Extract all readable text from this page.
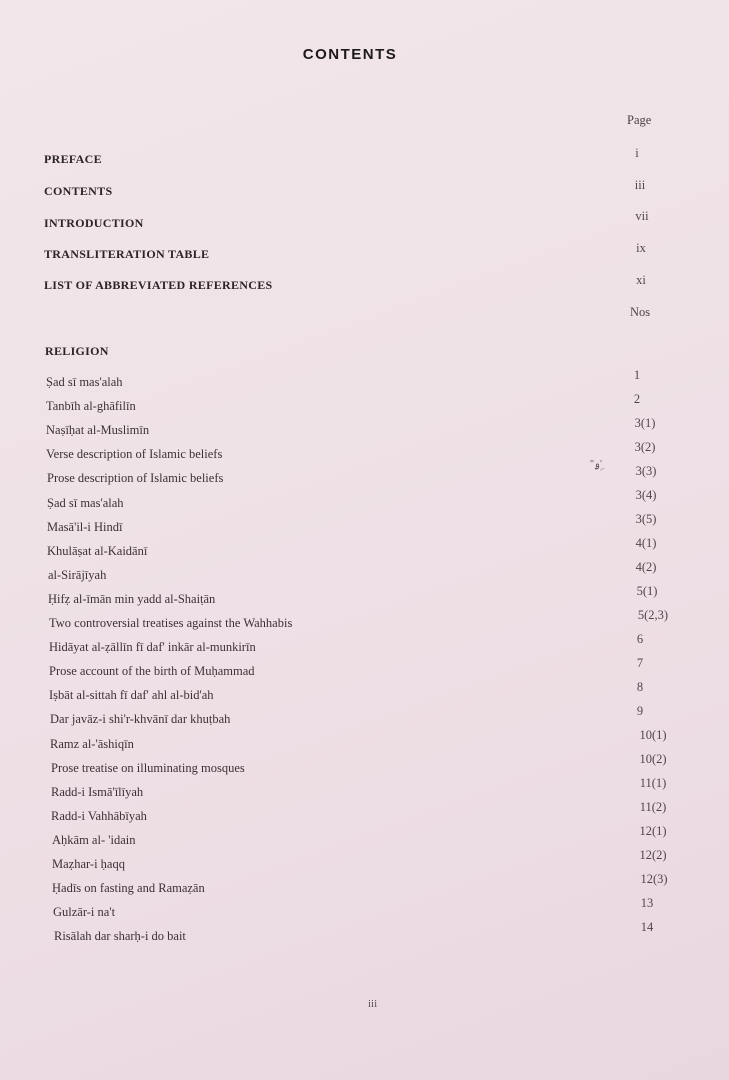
CONTENTS
Page
PREFACE
CONTENTS
INTRODUCTION
TRANSLITERATION TABLE
LIST OF ABBREVIATED REFERENCES
i
iii
vii
ix
xi
Nos
RELIGION
Ṣad sī mas'alah
Tanbīh al-ghāfilīn
Naṣīḥat al-Muslimīn
Verse description of Islamic beliefs
Prose description of Islamic beliefs
Ṣad sī mas'alah
Masā'il-i Hindī
Khulāṣat al-Kaidānī
al-Sirājīyah
Ḥifẓ al-īmān min yadd al-Shaiṭān
Two controversial treatises against the Wahhabis
Hidāyat al-ẓāllīn fī daf' inkār al-munkirīn
Prose account of the birth of Muḥammad
Iṣbāt al-sittah fī daf' ahl al-bid'ah
Dar javāz-i shi'r-khvānī dar khuṭbah
Ramz al-'āshiqīn
Prose treatise on illuminating mosques
Radd-i Ismā'īlīyah
Radd-i Vahhābīyah
Aḥkām al- 'idain
Maẓhar-i ḥaqq
Ḥadīs on fasting and Ramaẓān
Gulzār-i na't
Risālah dar sharḥ-i do bait
1
2
3(1)
3(2)
3(3)
3(4)
3(5)
4(1)
4(2)
5(1)
5(2,3)
6
7
8
9
10(1)
10(2)
11(1)
11(2)
12(1)
12(2)
12(3)
13
14
"ۄ'ۣ
iii
